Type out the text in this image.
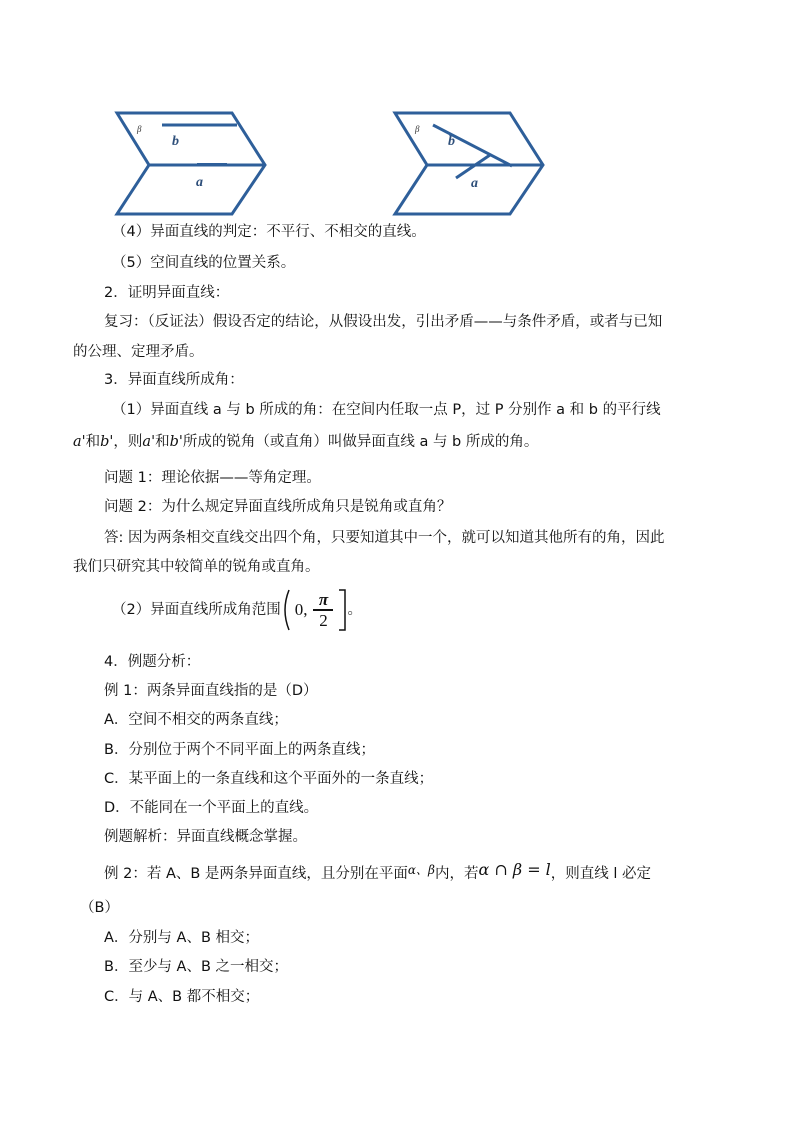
β
b
a
β
b
a
（4）异面直线的判定：不平行、不相交的直线。
（5）空间直线的位置关系。
2．证明异面直线：
复习：（反证法）假设否定的结论，从假设出发，引出矛盾——与条件矛盾，或者与已知
的公理、定理矛盾。
3．异面直线所成角：
（1）异面直线 a 与 b 所成的角：在空间内任取一点 P，过 P 分别作 a 和 b 的平行线
a'和b'，则a'和b'所成的锐角（或直角）叫做异面直线 a 与 b 所成的角。
问题 1：理论依据——等角定理。
问题 2：为什么规定异面直线所成角只是锐角或直角？
答: 因为两条相交直线交出四个角，只要知道其中一个，就可以知道其他所有的角，因此
我们只研究其中较简单的锐角或直角。
（2）异面直线所成角范围 0, $\frac{\pi}{2}$ 。
4．例题分析：
例 1：两条异面直线指的是（D）
A．空间不相交的两条直线；
B．分别位于两个不同平面上的两条直线；
C．某平面上的一条直线和这个平面外的一条直线；
D．不能同在一个平面上的直线。
例题解析：异面直线概念掌握。
例 2：若 A、B 是两条异面直线，且分别在平面$^{\alpha、\beta}$内，若α ∩ β = l，则直线 l 必定
（B）
A．分别与 A、B 相交；
B．至少与 A、B 之一相交；
C．与 A、B 都不相交；
